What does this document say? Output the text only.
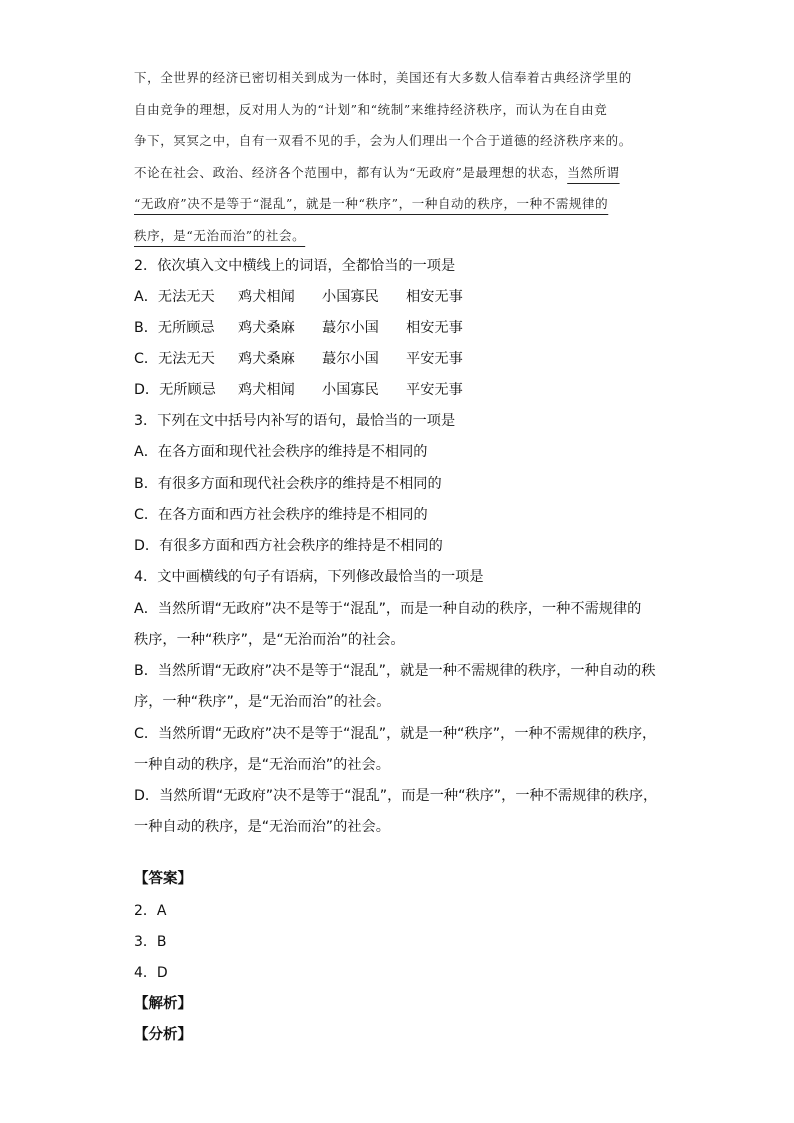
下，全世界的经济已密切相关到成为一体时，美国还有大多数人信奉着古典经济学里的
自由竞争的理想，反对用人为的“计划”和“统制”来维持经济秩序，而认为在自由竞
争下，冥冥之中，自有一双看不见的手，会为人们理出一个合于道德的经济秩序来的。
不论在社会、政治、经济各个范围中，都有认为“无政府”是最理想的状态，当然所谓
“无政府”决不是等于“混乱”，就是一种“秩序”，一种自动的秩序，一种不需规律的
秩序，是“无治而治”的社会。
2．依次填入文中横线上的词语，全都恰当的一项是
A．无法无天 鸡犬相闻 小国寡民 相安无事
B．无所顾忌 鸡犬桑麻 蕞尔小国 相安无事
C．无法无天 鸡犬桑麻 蕞尔小国 平安无事
D．无所顾忌 鸡犬相闻 小国寡民 平安无事
3．下列在文中括号内补写的语句，最恰当的一项是
A．在各方面和现代社会秩序的维持是不相同的
B．有很多方面和现代社会秩序的维持是不相同的
C．在各方面和西方社会秩序的维持是不相同的
D．有很多方面和西方社会秩序的维持是不相同的
4．文中画横线的句子有语病，下列修改最恰当的一项是
A．当然所谓“无政府”决不是等于“混乱”，而是一种自动的秩序，一种不需规律的
秩序，一种“秩序”，是“无治而治”的社会。
B．当然所谓“无政府”决不是等于“混乱”，就是一种不需规律的秩序，一种自动的秩
序，一种“秩序”，是“无治而治”的社会。
C．当然所谓“无政府”决不是等于“混乱”，就是一种“秩序”，一种不需规律的秩序，
一种自动的秩序，是“无治而治”的社会。
D．当然所谓“无政府”决不是等于“混乱”，而是一种“秩序”，一种不需规律的秩序，
一种自动的秩序，是“无治而治”的社会。
【答案】
2．A
3．B
4．D
【解析】
【分析】
